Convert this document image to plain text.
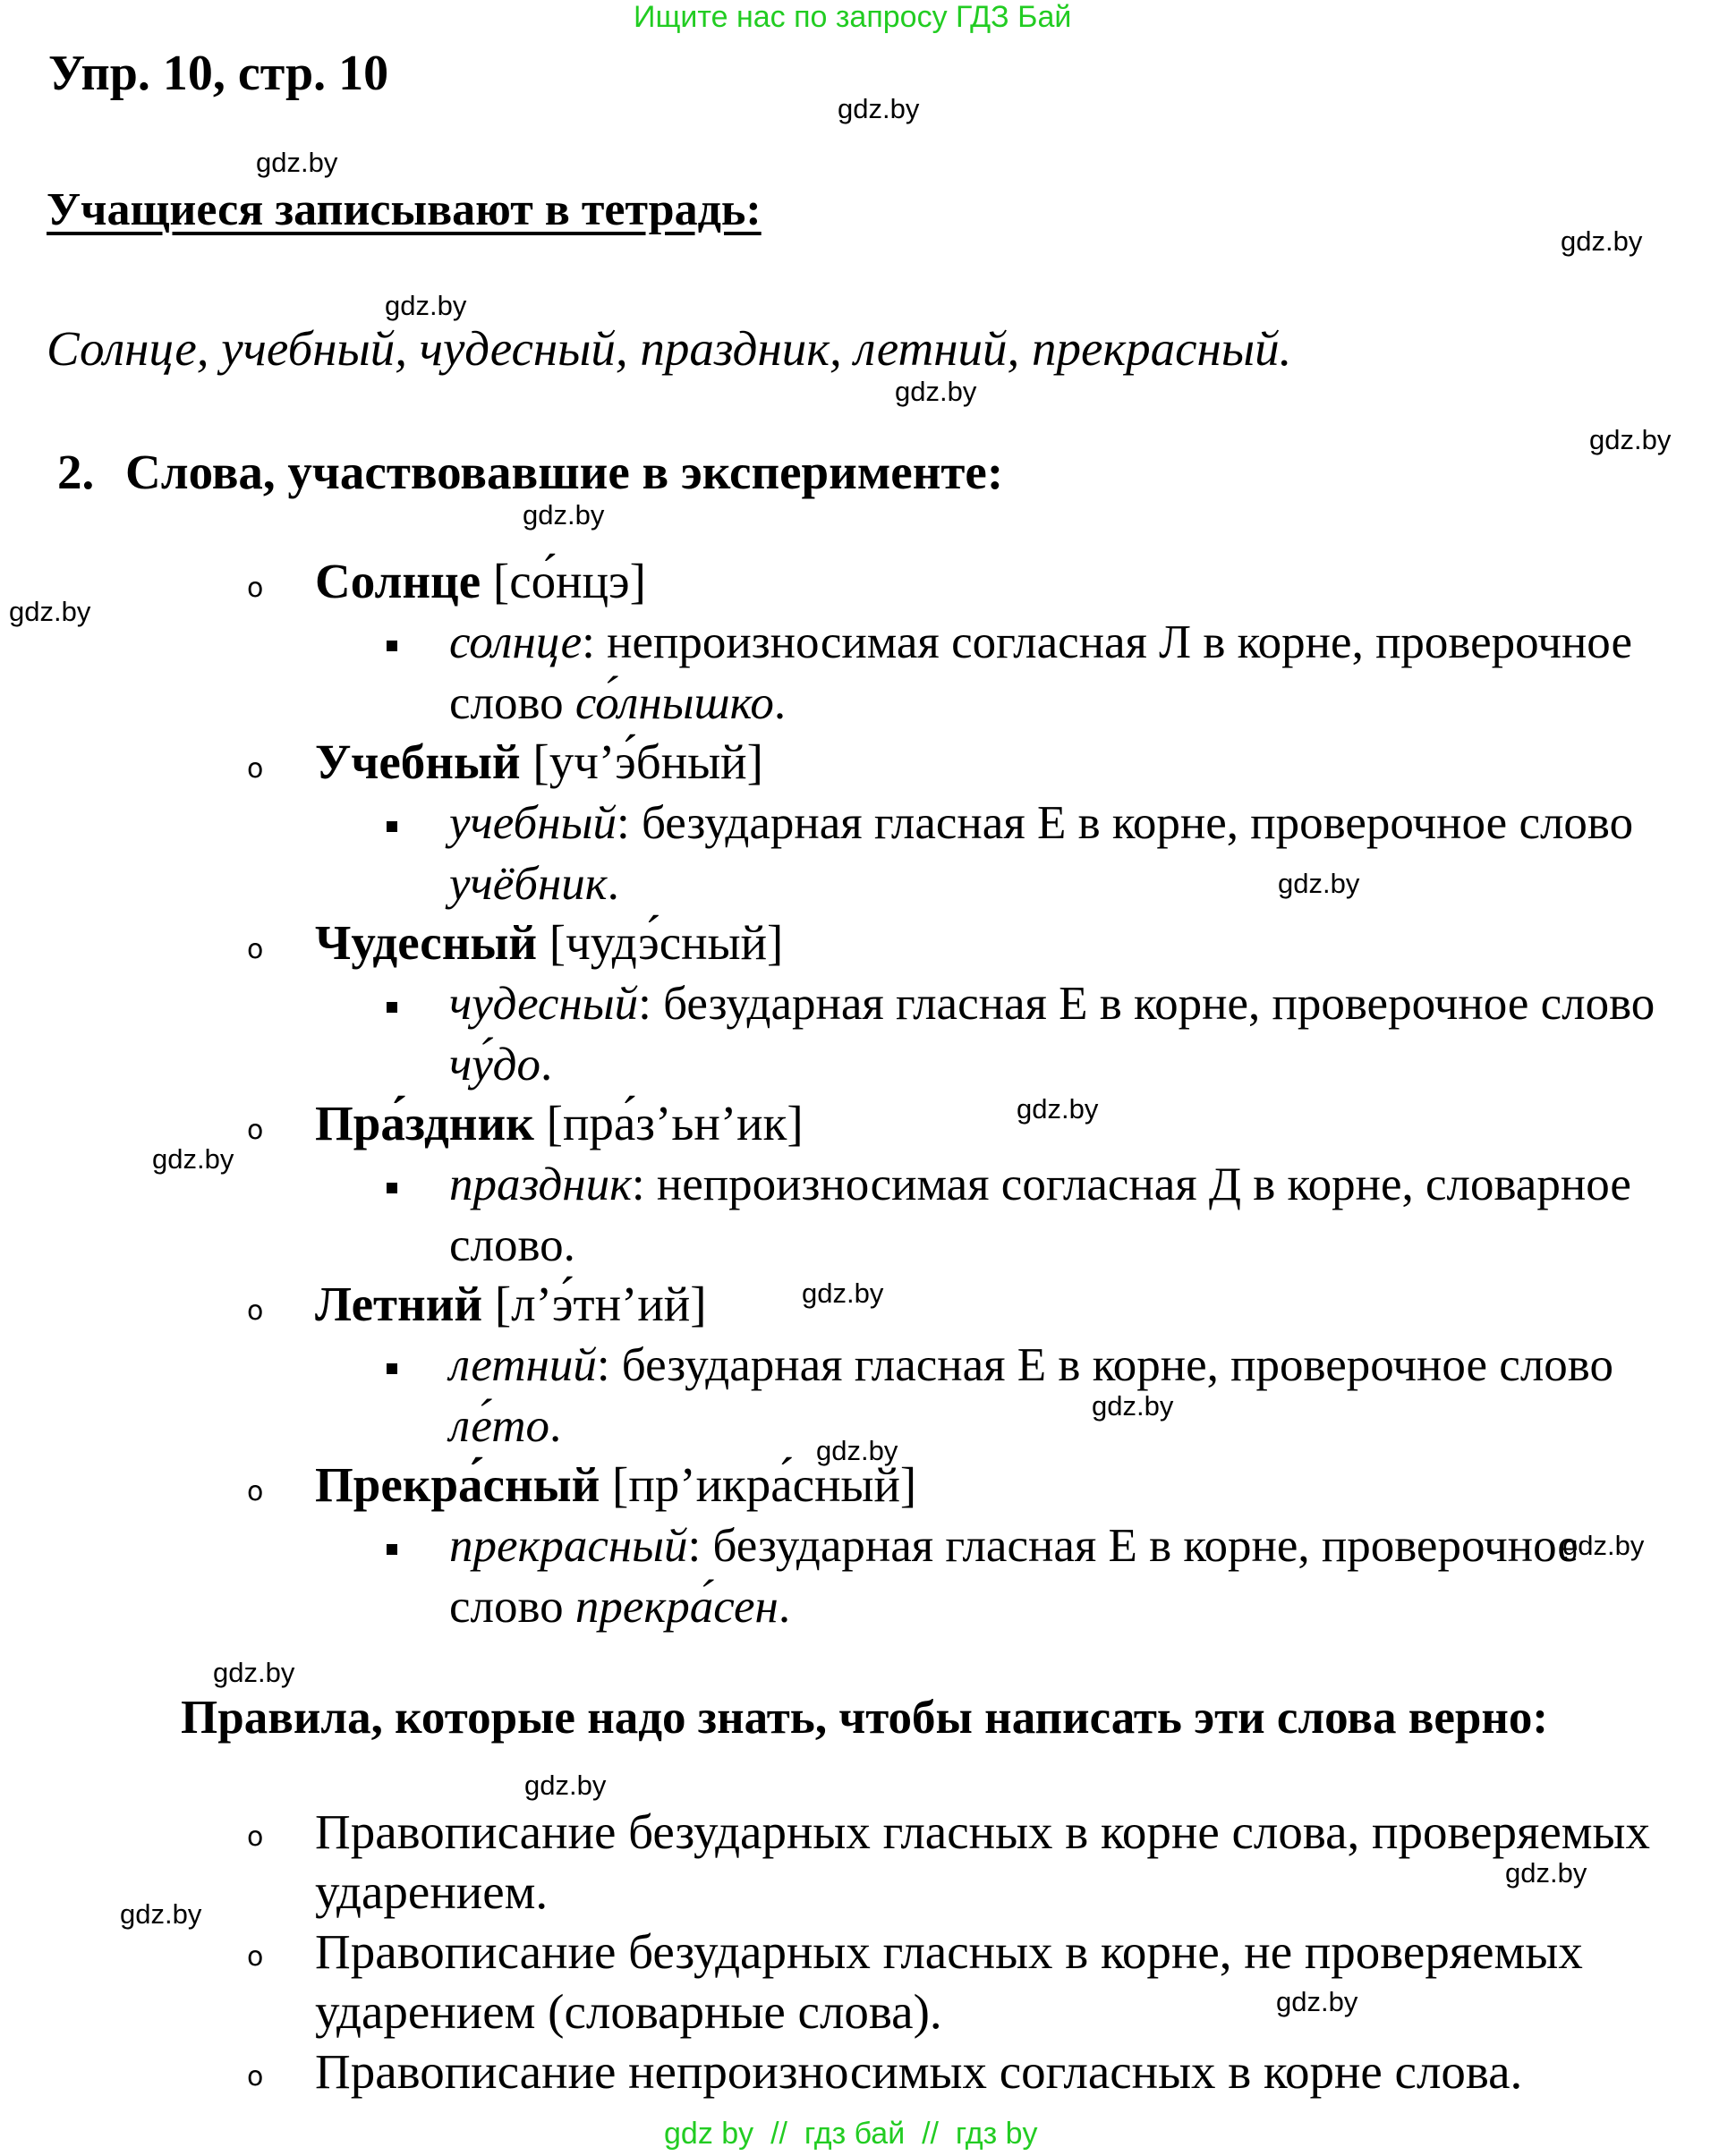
Ищите нас по запросу ГДЗ Бай
Упр. 10, стр. 10
Учащиеся записывают в тетрадь:
Солнце, учебный, чудесный, праздник, летний, прекрасный.
2. Слова, участвовавшие в эксперименте:
o Солнце [со́нцэ]
солнце: непроизносимая согласная Л в корне, проверочное слово со́лнышко.
o Учебный [уч’э́бный]
учебный: безударная гласная Е в корне, проверочное слово учёбник.
o Чудесный [чудэ́сный]
чудесный: безударная гласная Е в корне, проверочное слово чу́до.
o Пра́здник [пра́з’ьн’ик]
праздник: непроизносимая согласная Д в корне, словарное слово.
o Летний [л’э́тн’ий]
летний: безударная гласная Е в корне, проверочное слово ле́то.
o Прекра́сный [пр’икра́сный]
прекрасный: безударная гласная Е в корне, проверочное слово прекра́сен.
Правила, которые надо знать, чтобы написать эти слова верно:
o Правописание безударных гласных в корне слова, проверяемых ударением.
o Правописание безударных гласных в корне, не проверяемых ударением (словарные слова).
o Правописание непроизносимых согласных в корне слова.
gdz.by
gdz.by
gdz.by
gdz.by
gdz.by
gdz.by
gdz.by
gdz.by
gdz.by
gdz.by
gdz.by
gdz.by
gdz.by
gdz.by
gdz.by
gdz.by
gdz.by
gdz.by
gdz.by
gdz.by
gdz by  //  гдз бай  //  гдз by
